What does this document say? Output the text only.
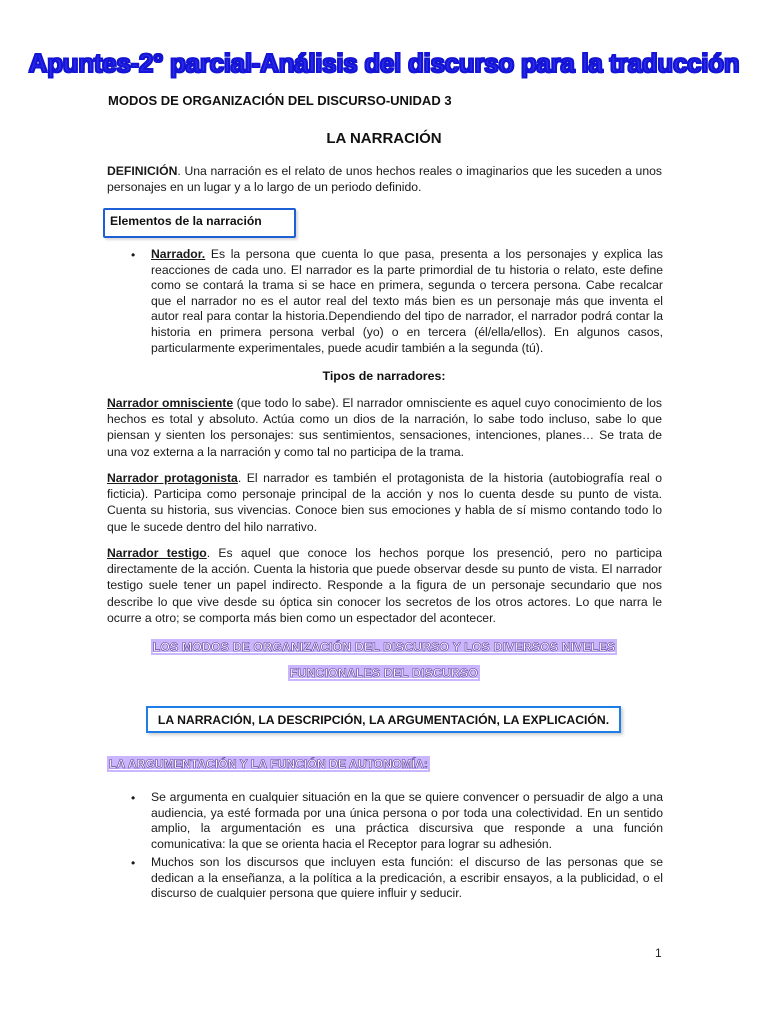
Apuntes-2° parcial-Análisis del discurso para la traducción
MODOS DE ORGANIZACIÓN DEL DISCURSO-UNIDAD 3
LA NARRACIÓN
DEFINICIÓN. Una narración es el relato de unos hechos reales o imaginarios que les suceden a unos personajes en un lugar y a lo largo de un periodo definido.
Elementos de la narración
• Narrador. Es la persona que cuenta lo que pasa, presenta a los personajes y explica las reacciones de cada uno. El narrador es la parte primordial de tu historia o relato, este define como se contará la trama si se hace en primera, segunda o tercera persona. Cabe recalcar que el narrador no es el autor real del texto más bien es un personaje más que inventa el autor real para contar la historia.Dependiendo del tipo de narrador, el narrador podrá contar la historia en primera persona verbal (yo) o en tercera (él/ella/ellos). En algunos casos, particularmente experimentales, puede acudir también a la segunda (tú).
Tipos de narradores:
Narrador omnisciente (que todo lo sabe). El narrador omnisciente es aquel cuyo conocimiento de los hechos es total y absoluto. Actúa como un dios de la narración, lo sabe todo incluso, sabe lo que piensan y sienten los personajes: sus sentimientos, sensaciones, intenciones, planes… Se trata de una voz externa a la narración y como tal no participa de la trama.
Narrador protagonista. El narrador es también el protagonista de la historia (autobiografía real o ficticia). Participa como personaje principal de la acción y nos lo cuenta desde su punto de vista. Cuenta su historia, sus vivencias. Conoce bien sus emociones y habla de sí mismo contando todo lo que le sucede dentro del hilo narrativo.
Narrador testigo. Es aquel que conoce los hechos porque los presenció, pero no participa directamente de la acción. Cuenta la historia que puede observar desde su punto de vista. El narrador testigo suele tener un papel indirecto. Responde a la figura de un personaje secundario que nos describe lo que vive desde su óptica sin conocer los secretos de los otros actores. Lo que narra le ocurre a otro; se comporta más bien como un espectador del acontecer.
LOS MODOS DE ORGANIZACIÓN DEL DISCURSO Y LOS DIVERSOS NIVELES
FUNCIONALES DEL DISCURSO
LA NARRACIÓN, LA DESCRIPCIÓN, LA ARGUMENTACIÓN, LA EXPLICACIÓN.
LA ARGUMENTACIÓN Y LA FUNCIÓN DE AUTONOMÍA:
• Se argumenta en cualquier situación en la que se quiere convencer o persuadir de algo a una audiencia, ya esté formada por una única persona o por toda una colectividad. En un sentido amplio, la argumentación es una práctica discursiva que responde a una función comunicativa: la que se orienta hacia el Receptor para lograr su adhesión.
• Muchos son los discursos que incluyen esta función: el discurso de las personas que se dedican a la enseñanza, a la política a la predicación, a escribir ensayos, a la publicidad, o el discurso de cualquier persona que quiere influir y seducir.
1
